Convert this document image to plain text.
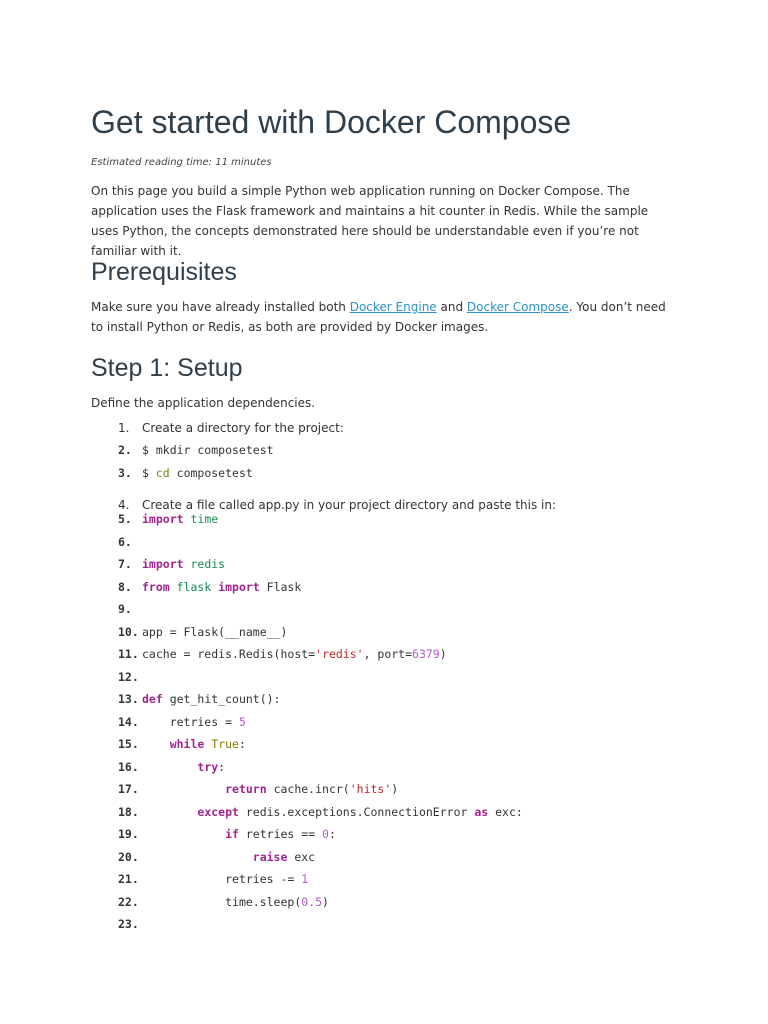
Get started with Docker Compose
Estimated reading time: 11 minutes
On this page you build a simple Python web application running on Docker Compose. The application uses the Flask framework and maintains a hit counter in Redis. While the sample uses Python, the concepts demonstrated here should be understandable even if you’re not familiar with it.
Prerequisites
Make sure you have already installed both Docker Engine and Docker Compose. You don’t need to install Python or Redis, as both are provided by Docker images.
Step 1: Setup
Define the application dependencies.
1.	Create a directory for the project:
2. $ mkdir composetest
3. $ cd composetest
4.	Create a file called app.py in your project directory and paste this in:
5. import time
6.
7. import redis
8. from flask import Flask
9.
10. app = Flask(__name__)
11. cache = redis.Redis(host='redis', port=6379)
12.
13. def get_hit_count():
14. retries = 5
15.	while True:
16.	try:
17.	return cache.incr('hits')
18.	except redis.exceptions.ConnectionError as exc:
19.	if retries == 0:
20.	raise exc
21.	retries -= 1
22.	time.sleep(0.5)
23.
